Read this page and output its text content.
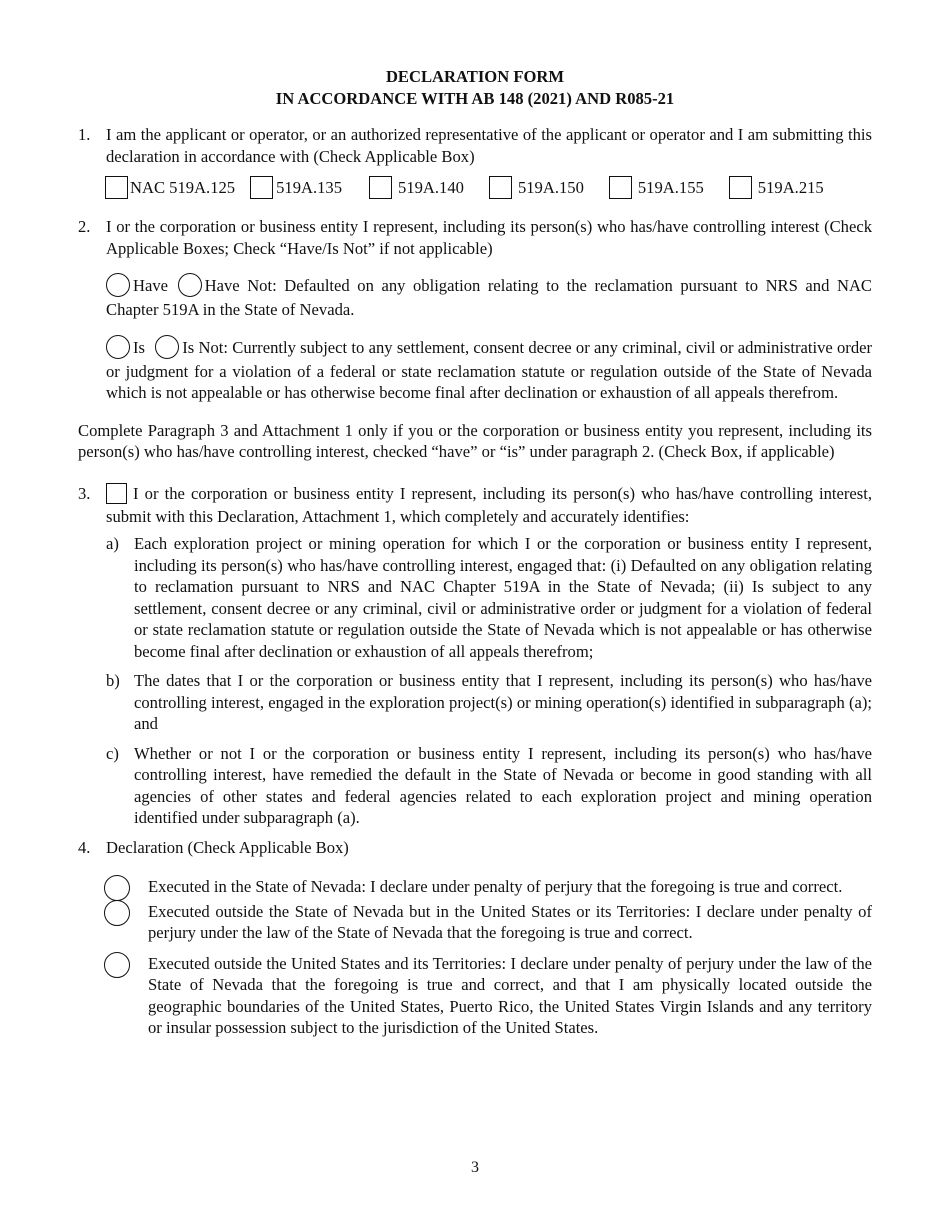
DECLARATION FORM
IN ACCORDANCE WITH AB 148 (2021) AND R085-21
1. I am the applicant or operator, or an authorized representative of the applicant or operator and I am submitting this declaration in accordance with (Check Applicable Box)

NAC 519A.125 519A.135	519A.140	519A.150	519A.155	519A.215
2. I or the corporation or business entity I represent, including its person(s) who has/have controlling interest (Check Applicable Boxes; Check “Have/Is Not” if not applicable)

Have Have Not: Defaulted on any obligation relating to the reclamation pursuant to NRS and NAC Chapter 519A in the State of Nevada.

Is Is Not: Currently subject to any settlement, consent decree or any criminal, civil or administrative order or judgment for a violation of a federal or state reclamation statute or regulation outside of the State of Nevada which is not appealable or has otherwise become final after declination or exhaustion of all appeals therefrom.

Complete Paragraph 3 and Attachment 1 only if you or the corporation or business entity you represent, including its person(s) who has/have controlling interest, checked “have” or “is” under paragraph 2. (Check Box, if applicable)

3.	I or the corporation or business entity I represent, including its person(s) who has/have controlling interest, submit with this Declaration, Attachment 1, which completely and accurately identifies:

a) Each exploration project or mining operation for which I or the corporation or business entity I represent, including its person(s) who has/have controlling interest, engaged that: (i) Defaulted on any obligation relating to reclamation pursuant to NRS and NAC Chapter 519A in the State of Nevada; (ii) Is subject to any settlement, consent decree or any criminal, civil or administrative order or judgment for a violation of federal or state reclamation statute or regulation outside the State of Nevada which is not appealable or has otherwise become final after declination or exhaustion of all appeals therefrom;

b) The dates that I or the corporation or business entity that I represent, including its person(s) who has/have controlling interest, engaged in the exploration project(s) or mining operation(s) identified in subparagraph (a); and

c) Whether or not I or the corporation or business entity I represent, including its person(s) who has/have controlling interest, have remedied the default in the State of Nevada or become in good standing with all agencies of other states and federal agencies related to each exploration project and mining operation identified under subparagraph (a).

4. Declaration (Check Applicable Box)

Executed in the State of Nevada: I declare under penalty of perjury that the foregoing is true and correct.

Executed outside the State of Nevada but in the United States or its Territories: I declare under penalty of perjury under the law of the State of Nevada that the foregoing is true and correct.

Executed outside the United States and its Territories: I declare under penalty of perjury under the law of the State of Nevada that the foregoing is true and correct, and that I am physically located outside the geographic boundaries of the United States, Puerto Rico, the United States Virgin Islands and any territory or insular possession subject to the jurisdiction of the United States.

3
